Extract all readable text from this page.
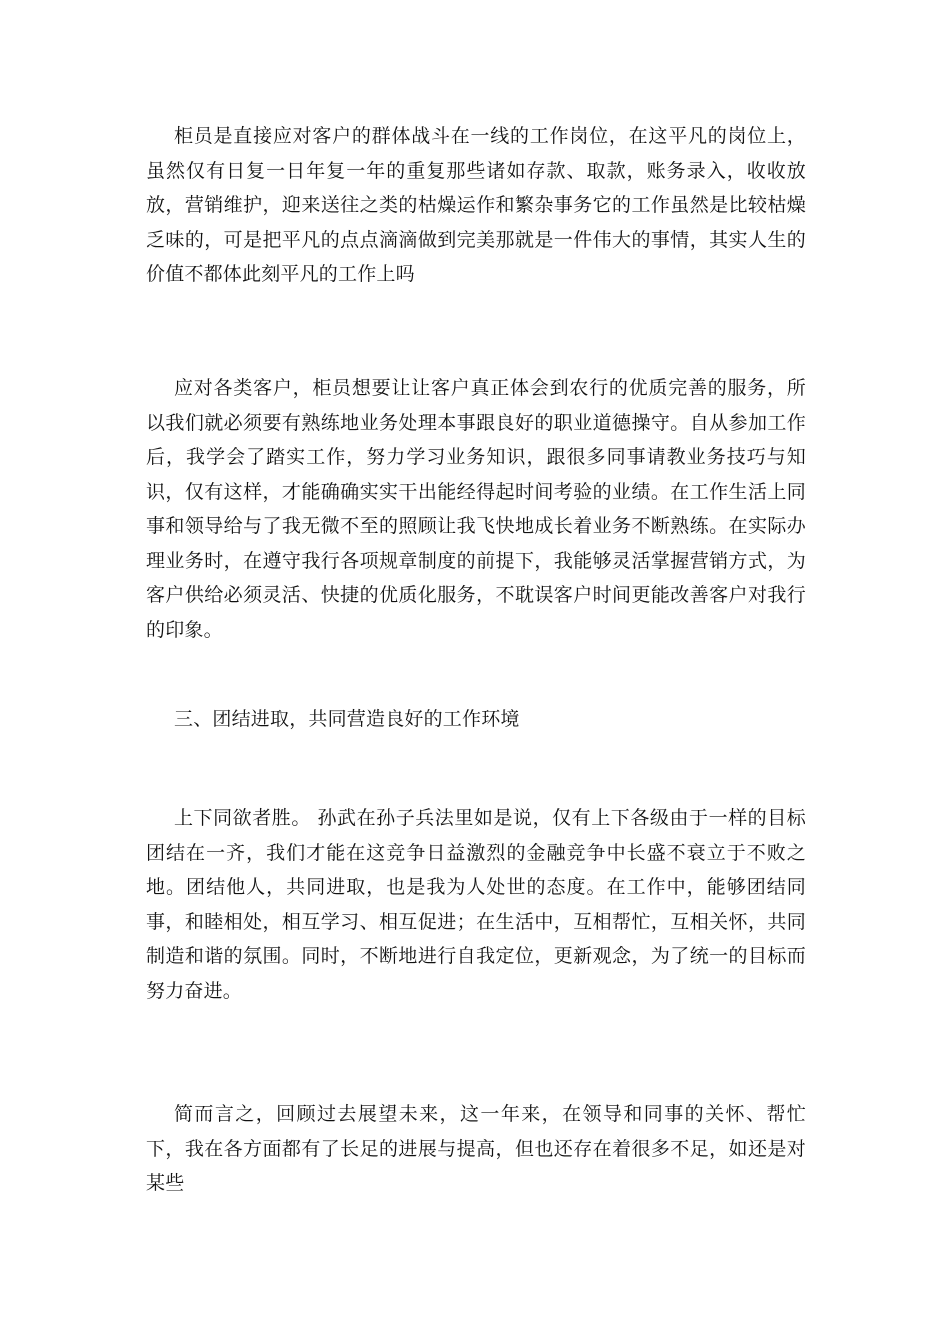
柜员是直接应对客户的群体战斗在一线的工作岗位，在这平凡的岗位上，虽然仅有日复一日年复一年的重复那些诸如存款、取款，账务录入，收收放放，营销维护，迎来送往之类的枯燥运作和繁杂事务它的工作虽然是比较枯燥乏味的，可是把平凡的点点滴滴做到完美那就是一件伟大的事情，其实人生的价值不都体此刻平凡的工作上吗

应对各类客户，柜员想要让让客户真正体会到农行的优质完善的服务，所以我们就必须要有熟练地业务处理本事跟良好的职业道德操守。自从参加工作后，我学会了踏实工作，努力学习业务知识，跟很多同事请教业务技巧与知识，仅有这样，才能确确实实干出能经得起时间考验的业绩。在工作生活上同事和领导给与了我无微不至的照顾让我飞快地成长着业务不断熟练。在实际办理业务时，在遵守我行各项规章制度的前提下，我能够灵活掌握营销方式，为客户供给必须灵活、快捷的优质化服务，不耽误客户时间更能改善客户对我行的印象。

三、团结进取，共同营造良好的工作环境

上下同欲者胜。 孙武在孙子兵法里如是说，仅有上下各级由于一样的目标团结在一齐，我们才能在这竞争日益激烈的金融竞争中长盛不衰立于不败之地。团结他人，共同进取，也是我为人处世的态度。在工作中，能够团结同事，和睦相处，相互学习、相互促进；在生活中，互相帮忙，互相关怀，共同制造和谐的氛围。同时，不断地进行自我定位，更新观念，为了统一的目标而努力奋进。

简而言之，回顾过去展望未来，这一年来，在领导和同事的关怀、帮忙下，我在各方面都有了长足的进展与提高，但也还存在着很多不足，如还是对某些
